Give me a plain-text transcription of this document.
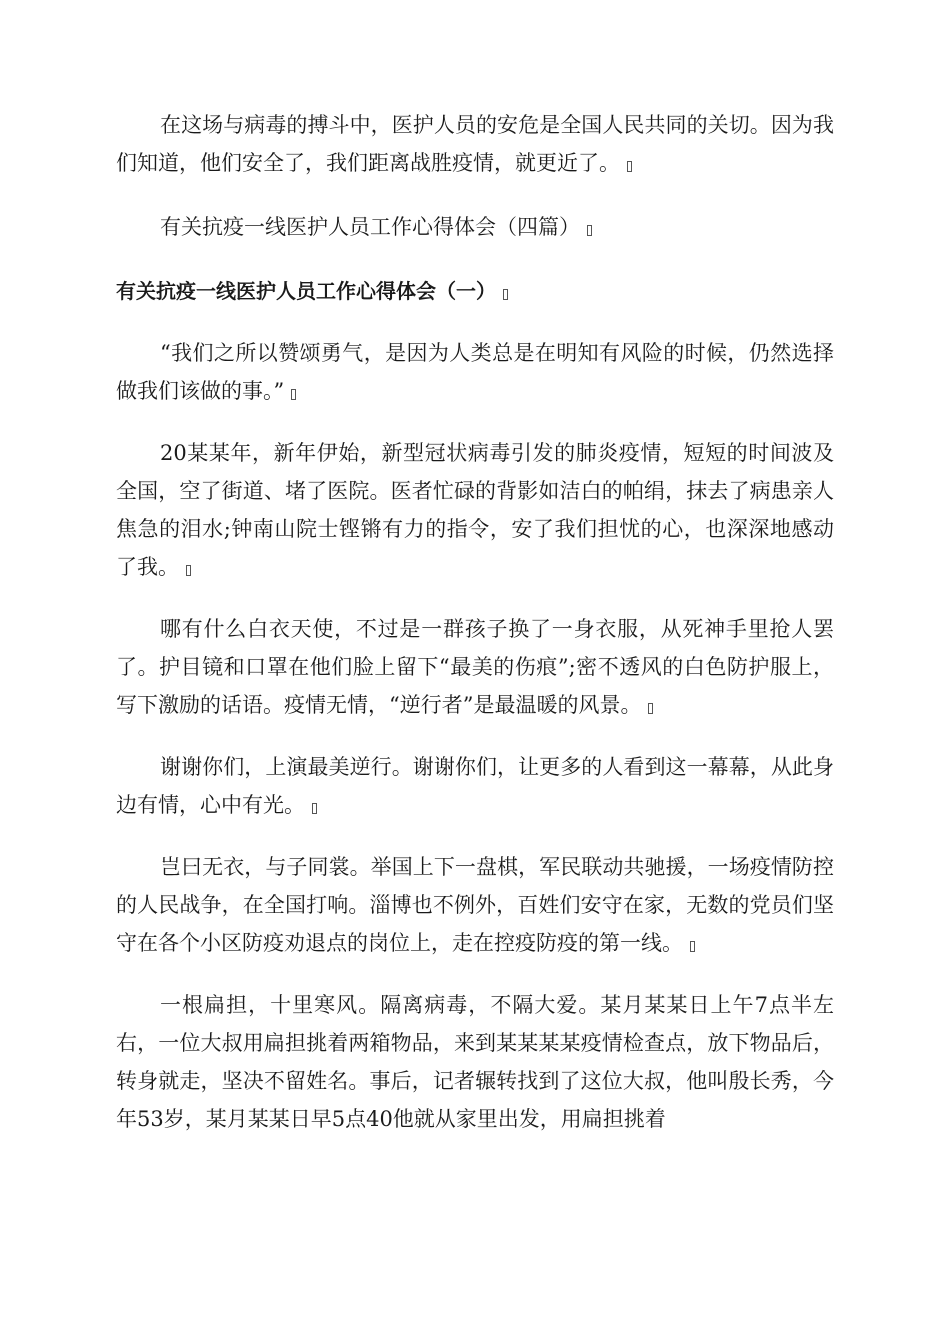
在这场与病毒的搏斗中，医护人员的安危是全国人民共同的关切。因为我们知道，他们安全了，我们距离战胜疫情，就更近了。

有关抗疫一线医护人员工作心得体会（四篇）

有关抗疫一线医护人员工作心得体会（一）

“我们之所以赞颂勇气，是因为人类总是在明知有风险的时候，仍然选择做我们该做的事。”

20某某年，新年伊始，新型冠状病毒引发的肺炎疫情，短短的时间波及全国，空了街道、堵了医院。医者忙碌的背影如洁白的帕绢，抹去了病患亲人焦急的泪水;钟南山院士铿锵有力的指令，安了我们担忧的心，也深深地感动了我。

哪有什么白衣天使，不过是一群孩子换了一身衣服，从死神手里抢人罢了。护目镜和口罩在他们脸上留下“最美的伤痕”;密不透风的白色防护服上，写下激励的话语。疫情无情，“逆行者”是最温暖的风景。

谢谢你们，上演最美逆行。谢谢你们，让更多的人看到这一幕幕，从此身边有情，心中有光。

岂曰无衣，与子同裳。举国上下一盘棋，军民联动共驰援，一场疫情防控的人民战争，在全国打响。淄博也不例外，百姓们安守在家，无数的党员们坚守在各个小区防疫劝退点的岗位上，走在控疫防疫的第一线。

一根扁担，十里寒风。隔离病毒，不隔大爱。某月某某日上午7点半左右，一位大叔用扁担挑着两箱物品，来到某某某某疫情检查点，放下物品后，转身就走，坚决不留姓名。事后，记者辗转找到了这位大叔，他叫殷长秀，今年53岁，某月某某日早5点40他就从家里出发，用扁担挑着
